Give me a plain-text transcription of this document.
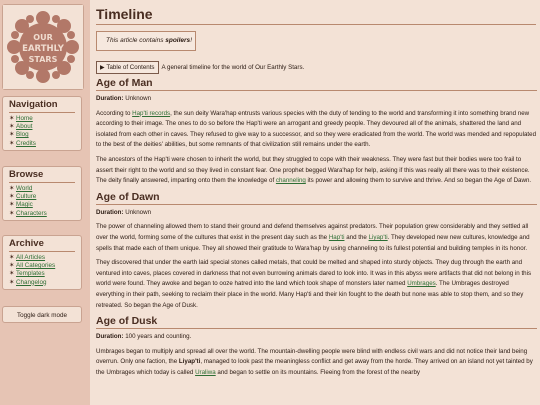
OUR
EARTHLY
STARS
Navigation
✶ Home
✶ About
✶ Blog
✶ Credits
Browse
✶ World
✶ Culture
✶ Magic
✶ Characters
Archive
✶ All Articles
✶ All Categories
✶ Templates
✶ Changelog
Toggle dark mode
Timeline
This article contains spoilers!
▶ Table of Contents A general timeline for the world of Our Earthly Stars.
Age of Man

Duration: Unknown

According to Hap'ti records, the sun deity Wara'hap entrusts various species with the duty of tending to the world and transforming it into something brand new according to their image. The ones to do so before the Hap'ti were an arrogant and greedy people. They devoured all of the animals, shattered the land and isolated from each other in caves. They refused to give way to a successor, and so they were eradicated from the world. The world was mended and repopulated to the best of the deities' abilities, but some remnants of that civilization still remains under the earth.

The ancestors of the Hap'ti were chosen to inherit the world, but they struggled to cope with their weakness. They were fast but their bodies were too frail to assert their right to the world and so they lived in constant fear. One prophet begged Wara'hap for help, asking if this was really all there was to their existence. The deity finally answered, imparting onto them the knowledge of channeling its power and allowing them to survive and thrive. And so began the Age of Dawn.

Age of Dawn

Duration: Unknown

The power of channeling allowed them to stand their ground and defend themselves against predators. Their population grew considerably and they settled all over the world, forming some of the cultures that exist in the present day such as the Hap'ti and the Liyap'ti. They developed new new cultures, knowledge and spells that made each of them unique. They all showed their gratitude to Wara'hap by using channeling to its fullest potential and building temples in its honor.

They discovered that under the earth laid special stones called metals, that could be melted and shaped into sturdy objects. They dug through the earth and ventured into caves, places covered in darkness that not even burrowing animals dared to look into. It was in this abyss were artifacts that did not belong in this world were found. They awoke and began to ooze hatred into the land which took shape of monsters later named Umbrages. The Umbrages destroyed everything in their path, seeking to reclaim their place in the world. Many Hap'ti and their kin fought to the death but none was able to stop them, and so they retreated. So began the Age of Dusk.

Age of Dusk

Duration: 100 years and counting.

Umbrages began to multiply and spread all over the world. The mountain-dwelling people were blind with endless civil wars and did not notice their land being overrun. Only one faction, the Liyap'ti, managed to look past the meaningless conflict and get away from the horde. They arrived on an island not yet tainted by the Umbrages which today is called Uraliwa and began to settle on its mountains. Fleeing from the forest of the nearby
